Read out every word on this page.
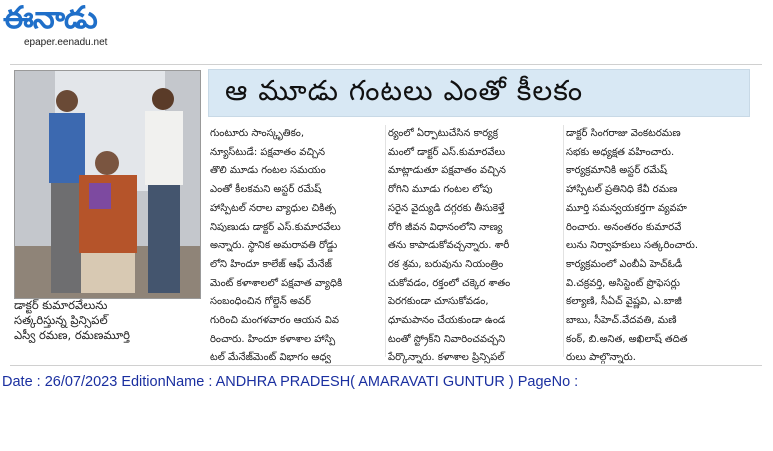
ఈనాడు
epaper.eenadu.net
డాక్టర్ కుమారవేలును
సత్కరిస్తున్న ప్రిన్సిపల్
ఎస్వీ రమణ, రమణమూర్తి
ఆ మూడు గంటలు ఎంతో కీలకం
గుంటూరు సాంస్కృతికం,
న్యూస్‌టుడే: పక్షవాతం వచ్చిన
తొలి మూడు గంటల సమయం
ఎంతో కీలకమని అస్టర్ రమేష్
హాస్పిటల్ నరాల వ్యాధుల చికిత్స
నిపుణుడు డాక్టర్ ఎస్.కుమారవేలు
అన్నారు. స్థానిక అమరావతి రోడ్డు
లోని హిందూ కాలేజ్ ఆఫ్ మేనేజ్
మెంట్ కళాశాలలో పక్షవాత వ్యాధికి
సంబంధించిన గోల్డెన్ అవర్
గురించి మంగళవారం ఆయన వివ
రించారు. హిందూ కళాశాల హాస్పి
టల్ మేనేజ్‌మెంట్ విభాగం ఆధ్వ
ర్యంలో ఏర్పాటుచేసిన కార్యక్ర
మంలో డాక్టర్ ఎస్.కుమారవేలు
మాట్లాడుతూ పక్షవాతం వచ్చిన
రోగిని మూడు గంటల లోపు
సరైన వైద్యుడి దగ్గరకు తీసుకెళ్తే
రోగి జీవన విధానంలోని నాణ్య
తను కాపాడుకోవచ్చన్నారు. శారీ
రక శ్రమ, బరువును నియంత్రిం
చుకోవడం, రక్తంలో చక్కెర శాతం
పెరగకుండా చూసుకోవడం,
ధూమపానం చేయకుండా ఉండ
టంతో స్ట్రోక్‌ని నివారించవచ్చని
పేర్కొన్నారు. కళాశాల ప్రిన్సిపల్
డాక్టర్ సింగరాజు వెంకటరమణ
సభకు అధ్యక్షత వహించారు.
కార్యక్రమానికి అస్టర్ రమేష్
హాస్పిటల్ ప్రతినిధి కేవీ రమణ
మూర్తి సమన్వయకర్తగా వ్యవహ
రించారు. అనంతరం కుమారవే
లును నిర్వాహకులు సత్కరించారు.
కార్యక్రమంలో ఎంబీఏ హెచ్ఓడీ
వి.చక్రవర్తి, అసిస్టెంట్ ప్రొఫెసర్లు
కల్యాణి, సీఏచ్ వైష్ణవి, ఎ.బాజీ
బాబు, సీహెచ్.వేదవతి, మణి
కంఠ్, బి.అనిత, అఖిలాష్ తదిత
రులు పాల్గొన్నారు.
Date : 26/07/2023 EditionName : ANDHRA PRADESH( AMARAVATI GUNTUR ) PageNo :
